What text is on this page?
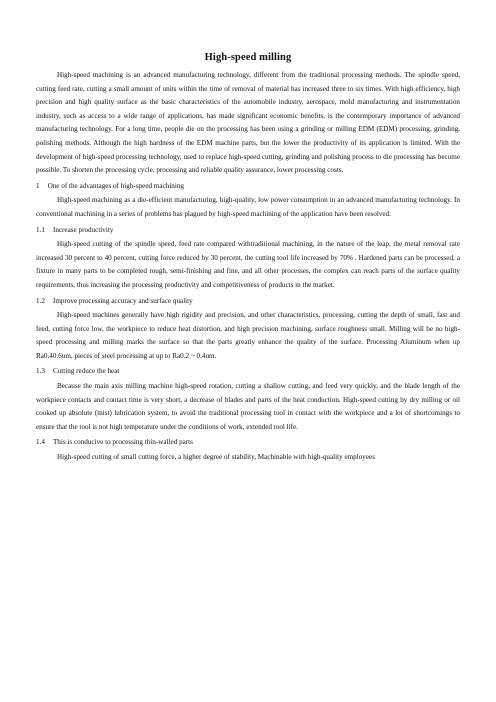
High-speed milling

High-speed machining is an advanced manufacturing technology, different from the traditional processing methods. The spindle speed, cutting feed rate, cutting a small amount of units within the time of removal of material has increased three to six times. With high efficiency, high precision and high quality surface as the basic characteristics of the automobile industry, aerospace, mold manufacturing and instrumentation industry, such as access to a wide range of applications, has made significant economic benefits, is the contemporary importance of advanced manufacturing technology. For a long time, people die on the processing has been using a grinding or milling EDM (EDM) processing, grinding, polishing methods. Although the high hardness of the EDM machine parts, but the lower the productivity of its application is limited. With the development of high-speed processing technology, used to replace high-speed cutting, grinding and polishing process to die processing has become possible. To shorten the processing cycle, processing and reliable quality assurance, lower processing costs.

1 One of the advantages of high-speed machining

High-speed machining as a die-efficient manufacturing, high-quality, low power consumption in an advanced manufacturing technology. In conventional machining in a series of problems has plagued by high-speed machining of the application have been resolved.

1.1 Increase productivity

High-speed cutting of the spindle speed, feed rate compared withtraditional machining, in the nature of the leap, the metal removal rate increased 30 percent to 40 percent, cutting force reduced by 30 percent, the cutting tool life increased by 70% . Hardened parts can be processed, a fixture in many parts to be completed rough, semi-finishing and fine, and all other processes, the complex can reach parts of the surface quality requirements, thus increasing the processing productivity and competitiveness of products in the market.

1.2 Improve processing accuracy and surface quality

High-speed machines generally have high rigidity and precision, and other characteristics, processing, cutting the depth of small, fast and feed, cutting force low, the workpiece to reduce heat distortion, and high precision machining, surface roughness small. Milling will be no high-speed processing and milling marks the surface so that the parts greatly enhance the quality of the surface. Processing Aluminum when up Ra0.40.6um, pieces of steel processing at up to Ra0.2 ~ 0.4um.

1.3 Cutting reduce the heat

Because the main axis milling machine high-speed rotation, cutting a shallow cutting, and feed very quickly, and the blade length of the workpiece contacts and contact time is very short, a decrease of blades and parts of the heat conduction. High-speed cutting by dry milling or oil cooked up absolute (mist) lubrication system, to avoid the traditional processing tool in contact with the workpiece and a lot of shortcomings to ensure that the tool is not high temperature under the conditions of work, extended tool life.

1.4 This is conducive to processing thin-walled parts

High-speed cutting of small cutting force, a higher degree of stability, Machinable with high-quality employees
